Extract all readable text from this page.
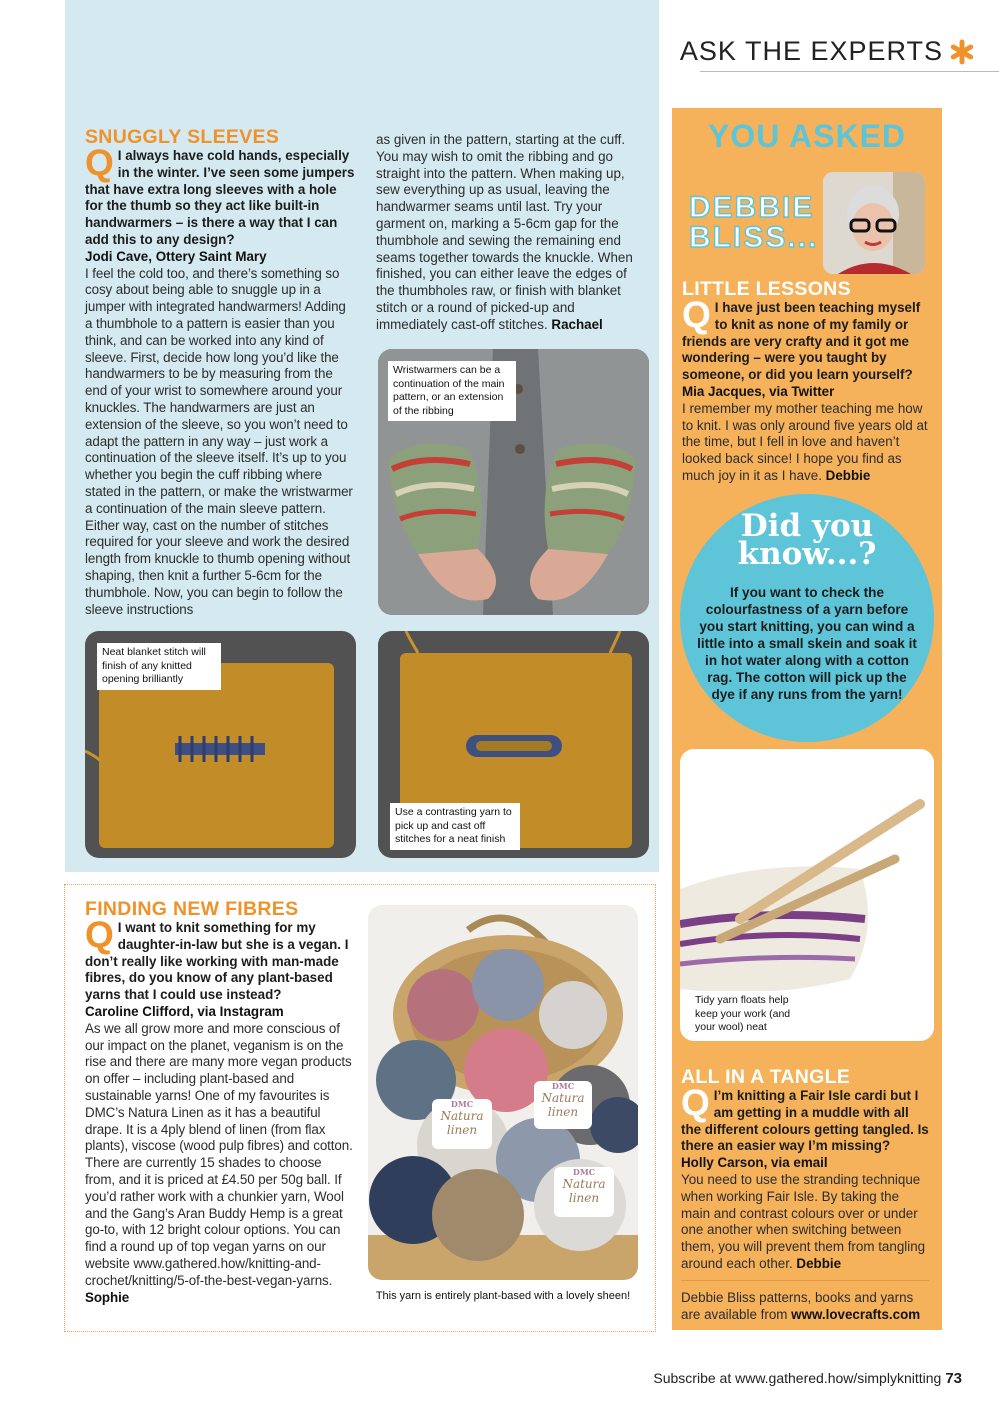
ASK THE EXPERTS
SNUGGLY SLEEVES
Q I always have cold hands, especially in the winter. I’ve seen some jumpers that have extra long sleeves with a hole for the thumb so they act like built-in handwarmers – is there a way that I can add this to any design?
Jodi Cave, Ottery Saint Mary
I feel the cold too, and there’s something so cosy about being able to snuggle up in a jumper with integrated handwarmers! Adding a thumbhole to a pattern is easier than you think, and can be worked into any kind of sleeve. First, decide how long you’d like the handwarmers to be by measuring from the end of your wrist to somewhere around your knuckles. The handwarmers are just an extension of the sleeve, so you won’t need to adapt the pattern in any way – just work a continuation of the sleeve itself. It’s up to you whether you begin the cuff ribbing where stated in the pattern, or make the wristwarmer a continuation of the main sleeve pattern. Either way, cast on the number of stitches required for your sleeve and work the desired length from knuckle to thumb opening without shaping, then knit a further 5-6cm for the thumbhole. Now, you can begin to follow the sleeve instructions
as given in the pattern, starting at the cuff. You may wish to omit the ribbing and go straight into the pattern. When making up, sew everything up as usual, leaving the handwarmer seams until last. Try your garment on, marking a 5-6cm gap for the thumbhole and sewing the remaining end seams together towards the knuckle. When finished, you can either leave the edges of the thumbholes raw, or finish with blanket stitch or a round of picked-up and immediately cast-off stitches. Rachael
Wristwarmers can be a continuation of the main pattern, or an extension of the ribbing
Neat blanket stitch will finish of any knitted opening brilliantly
Use a contrasting yarn to pick up and cast off stitches for a neat finish
FINDING NEW FIBRES
Q I want to knit something for my daughter-in-law but she is a vegan. I don’t really like working with man-made fibres, do you know of any plant-based yarns that I could use instead?
Caroline Clifford, via Instagram
As we all grow more and more conscious of our impact on the planet, veganism is on the rise and there are many more vegan products on offer – including plant-based and sustainable yarns! One of my favourites is DMC’s Natura Linen as it has a beautiful drape. It is a 4ply blend of linen (from flax plants), viscose (wood pulp fibres) and cotton. There are currently 15 shades to choose from, and it is priced at £4.50 per 50g ball. If you’d rather work with a chunkier yarn, Wool and the Gang’s Aran Buddy Hemp is a great go-to, with 12 bright colour options. You can find a round up of top vegan yarns on our website www.gathered.how/knitting-and-crochet/knitting/5-of-the-best-vegan-yarns. Sophie
DMC
Natura
linen
DMC
Natura
linen
DMC
Natura
linen
This yarn is entirely plant-based with a lovely sheen!
YOU ASKED
DEBBIE
BLISS...
LITTLE LESSONS
Q I have just been teaching myself to knit as none of my family or friends are very crafty and it got me wondering – were you taught by someone, or did you learn yourself?
Mia Jacques, via Twitter
I remember my mother teaching me how to knit. I was only around five years old at the time, but I fell in love and haven’t looked back since! I hope you find as much joy in it as I have. Debbie
Did you
know...?
If you want to check the colourfastness of a yarn before you start knitting, you can wind a little into a small skein and soak it in hot water along with a cotton rag. The cotton will pick up the dye if any runs from the yarn!
Tidy yarn floats help keep your work (and your wool) neat
ALL IN A TANGLE
Q I’m knitting a Fair Isle cardi but I am getting in a muddle with all the different colours getting tangled. Is there an easier way I’m missing?
Holly Carson, via email
You need to use the stranding technique when working Fair Isle. By taking the main and contrast colours over or under one another when switching between them, you will prevent them from tangling around each other. Debbie
Debbie Bliss patterns, books and yarns are available from www.lovecrafts.com
Subscribe at www.gathered.how/simplyknitting 73
